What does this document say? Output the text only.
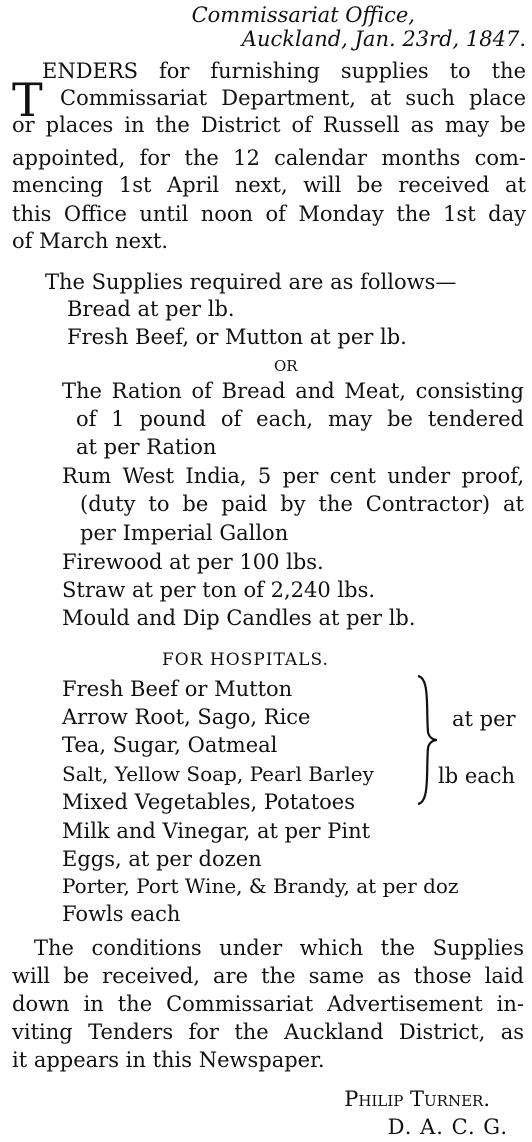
Commissariat Office,
Auckland, Jan. 23rd, 1847.
T
ENDERS for furnishing supplies to the
Commissariat Department, at such place
or places in the District of Russell as may be
appointed, for the 12 calendar months com-
mencing 1st April next, will be received at
this Office until noon of Monday the 1st day
of March next.
The Supplies required are as follows—
Bread at per lb.
Fresh Beef, or Mutton at per lb.
OR
The Ration of Bread and Meat, consisting
of 1 pound of each, may be tendered
at per Ration
Rum West India, 5 per cent under proof,
(duty to be paid by the Contractor) at
per Imperial Gallon
Firewood at per 100 lbs.
Straw at per ton of 2,240 lbs.
Mould and Dip Candles at per lb.
FOR HOSPITALS.
Fresh Beef or Mutton
Arrow Root, Sago, Rice
Tea, Sugar, Oatmeal
Salt, Yellow Soap, Pearl Barley
Mixed Vegetables, Potatoes
at per
lb each
Milk and Vinegar, at per Pint
Eggs, at per dozen
Porter, Port Wine, & Brandy, at per doz
Fowls each
The conditions under which the Supplies
will be received, are the same as those laid
down in the Commissariat Advertisement in-
viting Tenders for the Auckland District, as
it appears in this Newspaper.
Philip Turner.
D. A. C. G.
